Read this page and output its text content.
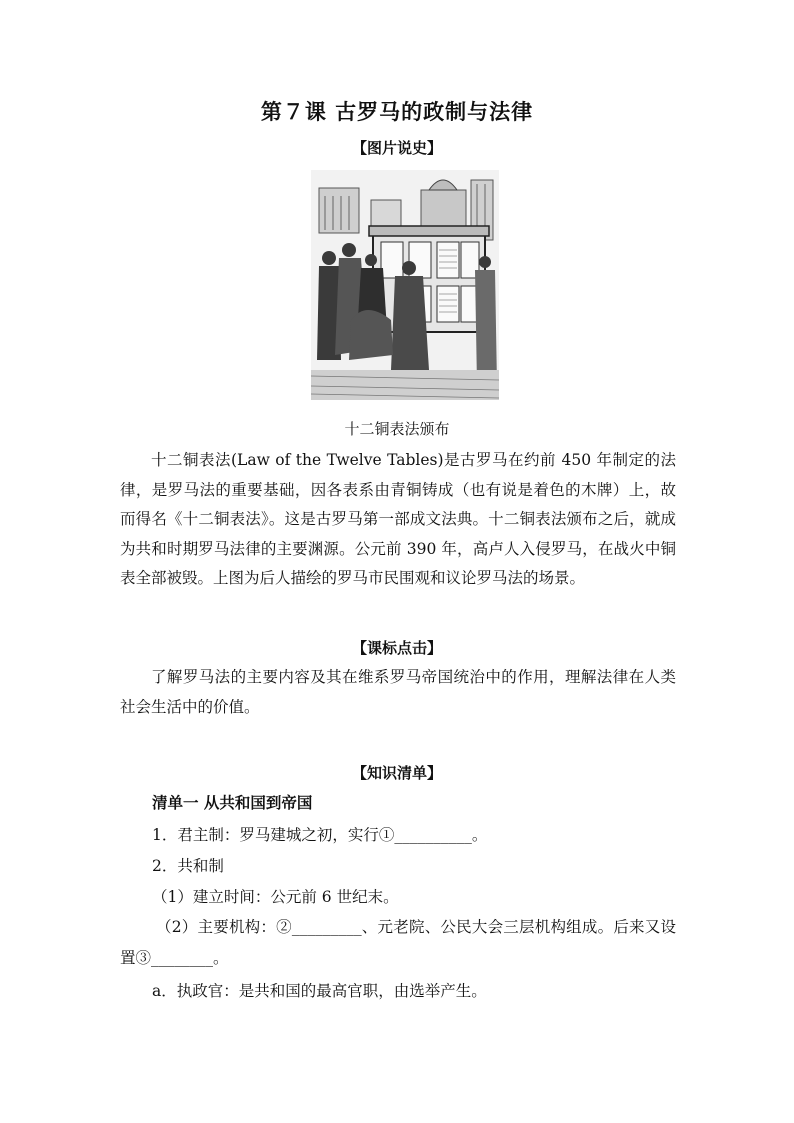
第７课 古罗马的政制与法律
【图片说史】
十二铜表法颁布
十二铜表法(Law of the Twelve Tables)是古罗马在约前 450 年制定的法律，是罗马法的重要基础，因各表系由青铜铸成（也有说是着色的木牌）上，故而得名《十二铜表法》。这是古罗马第一部成文法典。十二铜表法颁布之后，就成为共和时期罗马法律的主要渊源。公元前 390 年，高卢人入侵罗马，在战火中铜表全部被毁。上图为后人描绘的罗马市民围观和议论罗马法的场景。
【课标点击】
了解罗马法的主要内容及其在维系罗马帝国统治中的作用，理解法律在人类社会生活中的价值。
【知识清单】
清单一 从共和国到帝国
1．君主制：罗马建城之初，实行①__________。
2．共和制
（1）建立时间：公元前 6 世纪末。
（2）主要机构：②_________、元老院、公民大会三层机构组成。后来又设置③________。
a．执政官：是共和国的最高官职，由选举产生。
